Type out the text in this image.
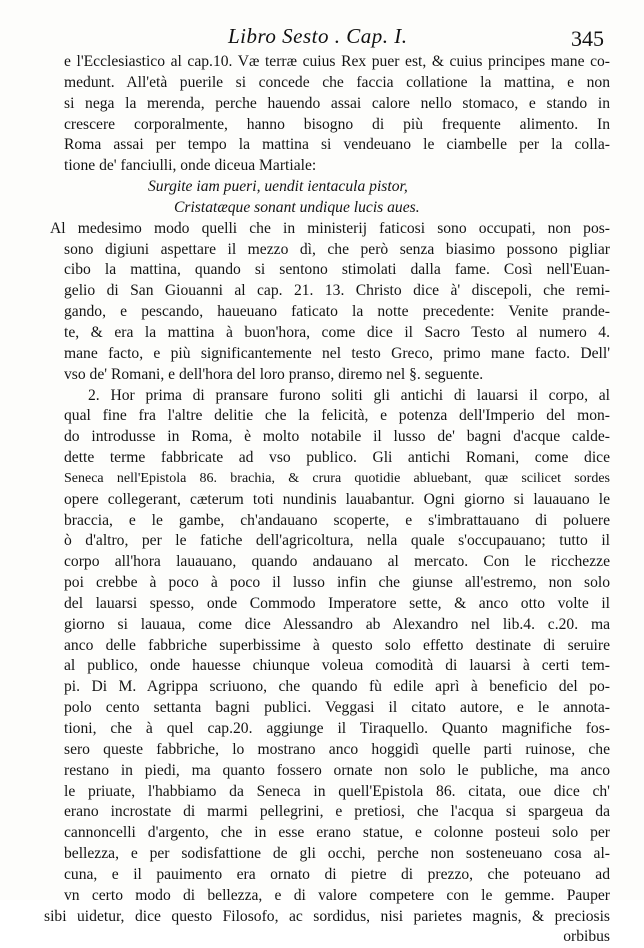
Libro Sesto . Cap. I.	345
e l'Ecclesiastico al cap.10. Væ terræ cuius Rex puer est, & cuius principes mane co-
medunt. All'età puerile si concede che faccia collatione la mattina, e non
si nega la merenda, perche hauendo assai calore nello stomaco, e stando in
crescere corporalmente, hanno bisogno di più frequente alimento. In
Roma assai per tempo la mattina si vendeuano le ciambelle per la colla-
tione de' fanciulli, onde diceua Martiale:
Surgite iam pueri, uendit ientacula pistor,
Cristatæque sonant undique lucis aues.
Al medesimo modo quelli che in ministerij faticosi sono occupati, non pos-
sono digiuni aspettare il mezzo dì, che però senza biasimo possono pigliar
cibo la mattina, quando si sentono stimolati dalla fame. Così nell'Euan-
gelio di San Giouanni al cap. 21. 13. Christo dice à' discepoli, che remi-
gando, e pescando, haueuano faticato la notte precedente: Venite prande-
te, & era la mattina à buon'hora, come dice il Sacro Testo al numero 4.
mane facto, e più significantemente nel testo Greco, primo mane facto. Dell'
vso de' Romani, e dell'hora del loro pranso, diremo nel §. seguente.
2. Hor prima di pransare furono soliti gli antichi di lauarsi il corpo, al
qual fine fra l'altre delitie che la felicità, e potenza dell'Imperio del mon-
do introdusse in Roma, è molto notabile il lusso de' bagni d'acque calde-
dette terme fabbricate ad vso publico. Gli antichi Romani, come dice
Seneca nell'Epistola 86. brachia, & crura quotidie abluebant, quæ scilicet sordes
opere collegerant, cæterum toti nundinis lauabantur. Ogni giorno si lauauano le
braccia, e le gambe, ch'andauano scoperte, e s'imbrattauano di poluere
ò d'altro, per le fatiche dell'agricoltura, nella quale s'occupauano; tutto il
corpo all'hora lauauano, quando andauano al mercato. Con le ricchezze
poi crebbe à poco à poco il lusso infin che giunse all'estremo, non solo
del lauarsi spesso, onde Commodo Imperatore sette, & anco otto volte il
giorno si lauaua, come dice Alessandro ab Alexandro nel lib.4. c.20. ma
anco delle fabbriche superbissime à questo solo effetto destinate di seruire
al publico, onde hauesse chiunque voleua comodità di lauarsi à certi tem-
pi. Di M. Agrippa scriuono, che quando fù edile aprì à beneficio del po-
polo cento settanta bagni publici. Veggasi il citato autore, e le annota-
tioni, che à quel cap.20. aggiunge il Tiraquello. Quanto magnifiche fos-
sero queste fabbriche, lo mostrano anco hoggidì quelle parti ruinose, che
restano in piedi, ma quanto fossero ornate non solo le publiche, ma anco
le priuate, l'habbiamo da Seneca in quell'Epistola 86. citata, oue dice ch'
erano incrostate di marmi pellegrini, e pretiosi, che l'acqua si spargeua da
cannoncelli d'argento, che in esse erano statue, e colonne posteui solo per
bellezza, e per sodisfattione de gli occhi, perche non sosteneuano cosa al-
cuna, e il pauimento era ornato di pietre di prezzo, che poteuano ad
vn certo modo di bellezza, e di valore competere con le gemme. Pauper
sibi uidetur, dice questo Filosofo, ac sordidus, nisi parietes magnis, & preciosis
orbibus
